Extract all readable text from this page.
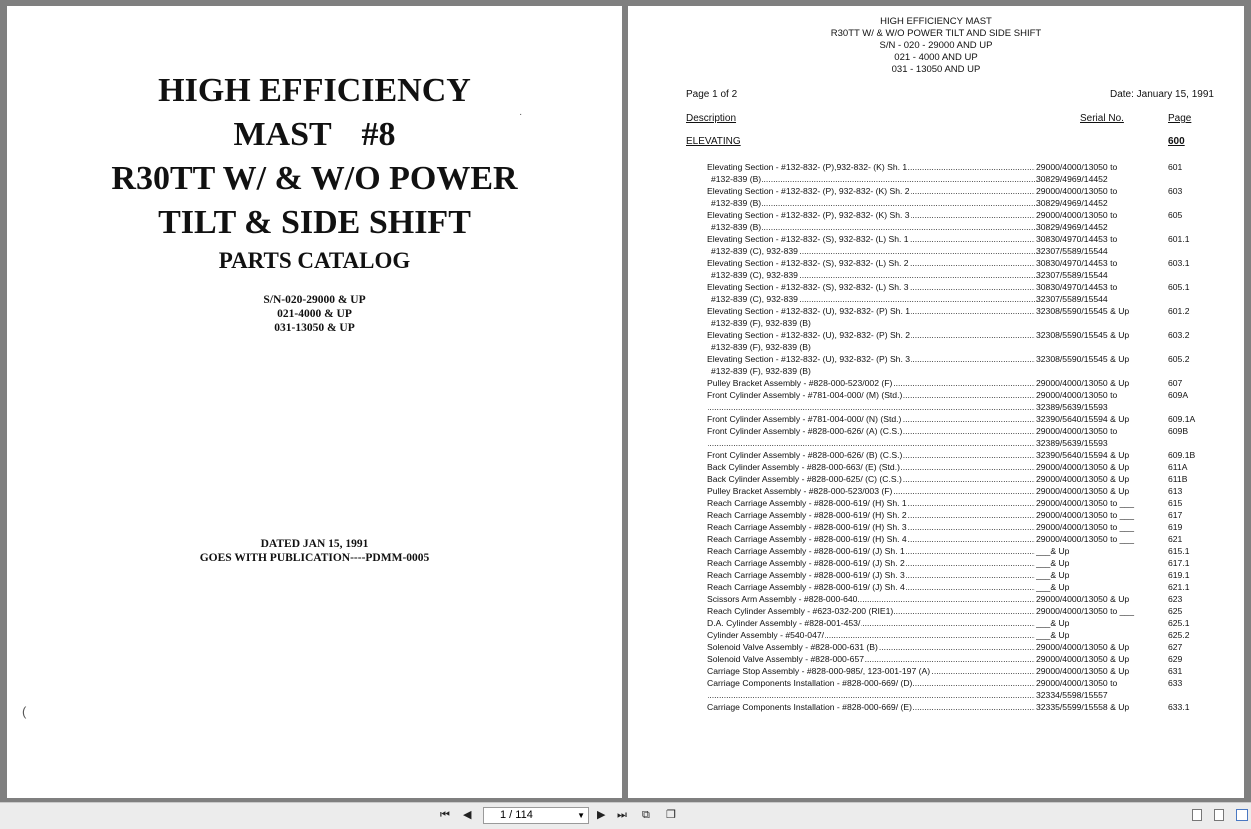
HIGH EFFICIENCY
MAST #8
R30TT W/ & W/O POWER
TILT & SIDE SHIFT
PARTS CATALOG
S/N-020-29000 & UP
021-4000 & UP
031-13050 & UP
DATED JAN 15, 1991
GOES WITH PUBLICATION----PDMM-0005
·
(
HIGH EFFICIENCY MAST
R30TT W/ & W/O POWER TILT AND SIDE SHIFT
S/N - 020 - 29000 AND UP
021 - 4000 AND UP
031 - 13050 AND UP
Page 1 of 2	Date: January 15, 1991
Description	Serial No.	Page
ELEVATING	600
Elevating Section - #132-832- (P),932-832- (K) Sh. 1 .....	29000/4000/13050 to	601
#132-839 (B) .....	30829/4969/14452
Elevating Section - #132-832- (P), 932-832- (K) Sh. 2 .....	29000/4000/13050 to	603
#132-839 (B) .....	30829/4969/14452
Elevating Section - #132-832- (P), 932-832- (K) Sh. 3 .....	29000/4000/13050 to	605
#132-839 (B) .....	30829/4969/14452
Elevating Section - #132-832- (S), 932-832- (L) Sh. 1 .....	30830/4970/14453 to	601.1
#132-839 (C), 932-839 .....	32307/5589/15544
Elevating Section - #132-832- (S), 932-832- (L) Sh. 2 .....	30830/4970/14453 to	603.1
#132-839 (C), 932-839 .....	32307/5589/15544
Elevating Section - #132-832- (S), 932-832- (L) Sh. 3 .....	30830/4970/14453 to	605.1
#132-839 (C), 932-839 .....	32307/5589/15544
Elevating Section - #132-832- (U), 932-832- (P) Sh. 1 .....	32308/5590/15545 & Up	601.2
#132-839 (F), 932-839 (B)
Elevating Section - #132-832- (U), 932-832- (P) Sh. 2 .....	32308/5590/15545 & Up	603.2
#132-839 (F), 932-839 (B)
Elevating Section - #132-832- (U), 932-832- (P) Sh. 3 .....	32308/5590/15545 & Up	605.2
#132-839 (F), 932-839 (B)
Pulley Bracket Assembly - #828-000-523/002 (F) .....	29000/4000/13050 & Up	607
Front Cylinder Assembly - #781-004-000/ (M) (Std.) .....	29000/4000/13050 to	609A
.....
32389/5639/15593
Front Cylinder Assembly - #781-004-000/ (N) (Std.) .....	32390/5640/15594 & Up	609.1A
Front Cylinder Assembly - #828-000-626/ (A) (C.S.) .....	29000/4000/13050 to	609B
.....
32389/5639/15593
Front Cylinder Assembly - #828-000-626/ (B) (C.S.) .....	32390/5640/15594 & Up	609.1B
Back Cylinder Assembly - #828-000-663/ (E) (Std.) .....	29000/4000/13050 & Up	611A
Back Cylinder Assembly - #828-000-625/ (C) (C.S.) .....	29000/4000/13050 & Up	611B
Pulley Bracket Assembly - #828-000-523/003 (F) .....	29000/4000/13050 & Up	613
Reach Carriage Assembly - #828-000-619/ (H) Sh. 1 .....	29000/4000/13050 to ___	615
Reach Carriage Assembly - #828-000-619/ (H) Sh. 2 .....	29000/4000/13050 to ___	617
Reach Carriage Assembly - #828-000-619/ (H) Sh. 3 .....	29000/4000/13050 to ___	619
Reach Carriage Assembly - #828-000-619/ (H) Sh. 4 .....	29000/4000/13050 to ___	621
Reach Carriage Assembly - #828-000-619/ (J) Sh. 1 .....	___& Up	615.1
Reach Carriage Assembly - #828-000-619/ (J) Sh. 2 .....	___& Up	617.1
Reach Carriage Assembly - #828-000-619/ (J) Sh. 3 .....	___& Up	619.1
Reach Carriage Assembly - #828-000-619/ (J) Sh. 4 .....	___& Up	621.1
Scissors Arm Assembly - #828-000-640 .....	29000/4000/13050 & Up	623
Reach Cylinder Assembly - #623-032-200 (RIE1) .....	29000/4000/13050 to ___	625
D.A. Cylinder Assembly - #828-001-453/ .....	___& Up	625.1
Cylinder Assembly - #540-047/ .....	___& Up	625.2
Solenoid Valve Assembly - #828-000-631 (B) .....	29000/4000/13050 & Up	627
Solenoid Valve Assembly - #828-000-657 .....	29000/4000/13050 & Up	629
Carriage Stop Assembly - #828-000-985/, 123-001-197 (A) .....	29000/4000/13050 & Up	631
Carriage Components Installation - #828-000-669/ (D) .....	29000/4000/13050 to	633
.....
32334/5598/15557
Carriage Components Installation - #828-000-669/ (E) .....	32335/5599/15558 & Up	633.1
⏮ ◀	1 / 114	▼ ▶ ⏭ ⧉ ❐
